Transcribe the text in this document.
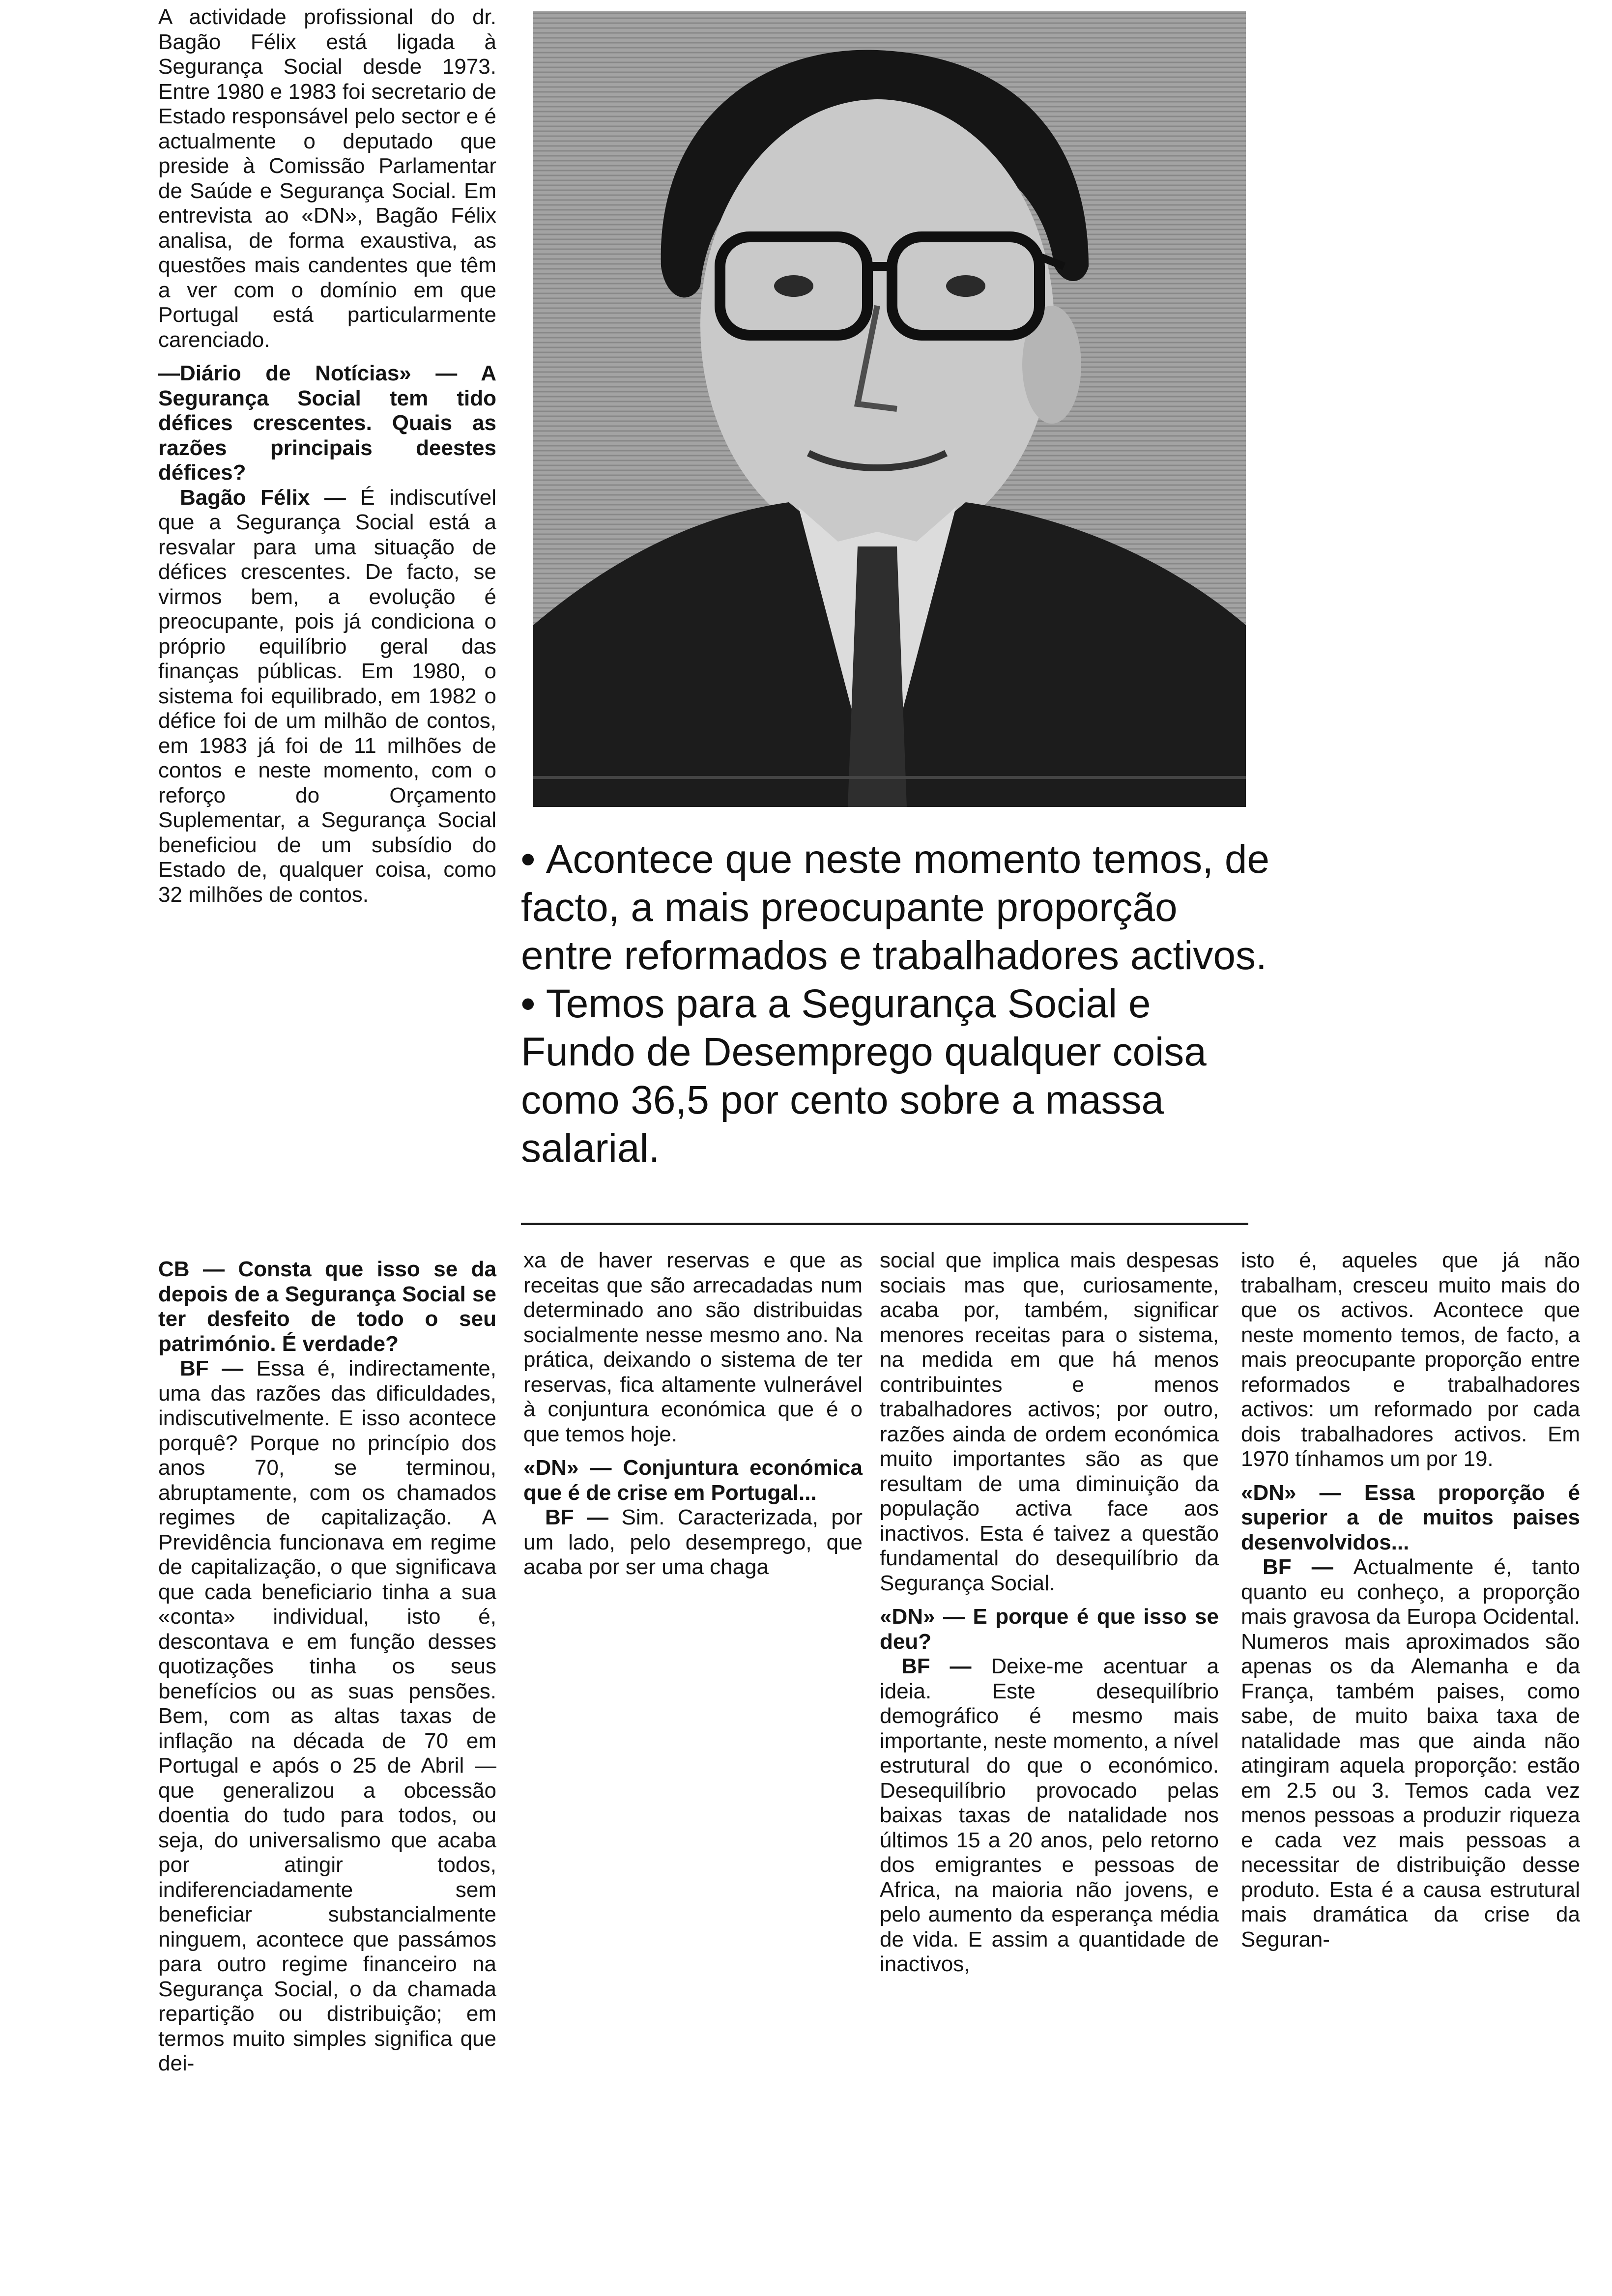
A actividade profissional do dr. Bagão Félix está ligada à Segurança Social desde 1973. Entre 1980 e 1983 foi secretario de Estado responsável pelo sector e é actualmente o deputado que preside à Comissão Parlamentar de Saúde e Segurança Social. Em entrevista ao «DN», Bagão Félix analisa, de forma exaustiva, as questões mais candentes que têm a ver com o domínio em que Portugal está particularmente carenciado.

—Diário de Notícias» — A Segurança Social tem tido défices crescentes. Quais as razões principais deestes défices?

Bagão Félix — É indiscutível que a Segurança Social está a resvalar para uma situação de défices crescentes. De facto, se virmos bem, a evolução é preocupante, pois já condiciona o próprio equilíbrio geral das finanças públicas. Em 1980, o sistema foi equilibrado, em 1982 o défice foi de um milhão de contos, em 1983 já foi de 11 milhões de contos e neste momento, com o reforço do Orçamento Suplementar, a Segurança Social beneficiou de um subsídio do Estado de, qualquer coisa, como 32 milhões de contos.

• Acontece que neste momento temos, de facto, a mais preocupante proporção entre reformados e trabalhadores activos.

• Temos para a Segurança Social e Fundo de Desemprego qualquer coisa como 36,5 por cento sobre a massa salarial.

CB — Consta que isso se da depois de a Segurança Social se ter desfeito de todo o seu património. É verdade?

BF — Essa é, indirectamente, uma das razões das dificuldades, indiscutivelmente. E isso acontece porquê? Porque no princípio dos anos 70, se terminou, abruptamente, com os chamados regimes de capitalização. A Previdência funcionava em regime de capitalização, o que significava que cada beneficiario tinha a sua «conta» individual, isto é, descontava e em função desses quotizações tinha os seus benefícios ou as suas pensões. Bem, com as altas taxas de inflação na década de 70 em Portugal e após o 25 de Abril — que generalizou a obcessão doentia do tudo para todos, ou seja, do universalismo que acaba por atingir todos, indiferenciadamente sem beneficiar substancialmente ninguem, acontece que passámos para outro regime financeiro na Segurança Social, o da chamada repartição ou distribuição; em termos muito simples significa que dei-

xa de haver reservas e que as receitas que são arrecadadas num determinado ano são distribuidas socialmente nesse mesmo ano. Na prática, deixando o sistema de ter reservas, fica altamente vulnerável à conjuntura económica que é o que temos hoje.

«DN» — Conjuntura económica que é de crise em Portugal...

BF — Sim. Caracterizada, por um lado, pelo desemprego, que acaba por ser uma chaga

social que implica mais despesas sociais mas que, curiosamente, acaba por, também, significar menores receitas para o sistema, na medida em que há menos contribuintes e menos trabalhadores activos; por outro, razões ainda de ordem económica muito importantes são as que resultam de uma diminuição da população activa face aos inactivos. Esta é taivez a questão fundamental do desequilíbrio da Segurança Social.

«DN» — E porque é que isso se deu?

BF — Deixe-me acentuar a ideia. Este desequilíbrio demográfico é mesmo mais importante, neste momento, a nível estrutural do que o económico. Desequilíbrio provocado pelas baixas taxas de natalidade nos últimos 15 a 20 anos, pelo retorno dos emigrantes e pessoas de Africa, na maioria não jovens, e pelo aumento da esperança média de vida. E assim a quantidade de inactivos,

isto é, aqueles que já não trabalham, cresceu muito mais do que os activos. Acontece que neste momento temos, de facto, a mais preocupante proporção entre reformados e trabalhadores activos: um reformado por cada dois trabalhadores activos. Em 1970 tínhamos um por 19.

«DN» — Essa proporção é superior a de muitos paises desenvolvidos...

BF — Actualmente é, tanto quanto eu conheço, a proporção mais gravosa da Europa Ocidental. Numeros mais aproximados são apenas os da Alemanha e da França, também paises, como sabe, de muito baixa taxa de natalidade mas que ainda não atingiram aquela proporção: estão em 2.5 ou 3. Temos cada vez menos pessoas a produzir riqueza e cada vez mais pessoas a necessitar de distribuição desse produto. Esta é a causa estrutural mais dramática da crise da Seguran-
